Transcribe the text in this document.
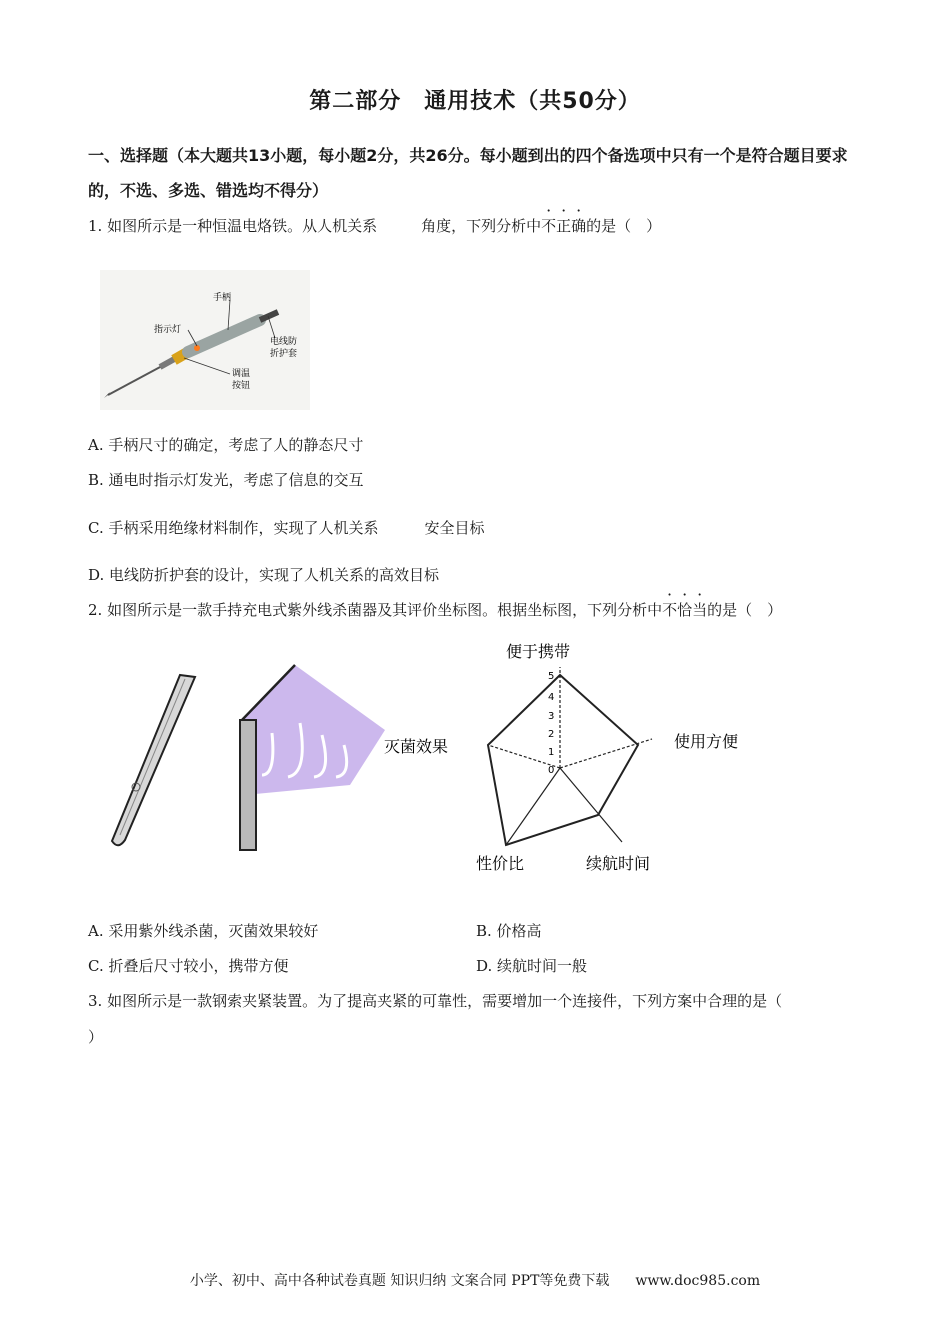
第二部分　通用技术（共50分）
一、选择题（本大题共13小题，每小题2分，共26分。每小题到出的四个备选项中只有一个是符合题目要求的，不选、多选、错选均不得分）
1. 如图所示是一种恒温电烙铁。从人机关系	角度，下列分析中不正确的是（　）
手柄
指示灯
电线防
折护套
调温
按钮
A. 手柄尺寸的确定，考虑了人的静态尺寸
B. 通电时指示灯发光，考虑了信息的交互
C. 手柄采用绝缘材料制作，实现了人机关系	安全目标
D. 电线防折护套的设计，实现了人机关系的高效目标
2. 如图所示是一款手持充电式紫外线杀菌器及其评价坐标图。根据坐标图，下列分析中不恰当的是（　）
5
4
3
2
1
0
便于携带
使用方便
续航时间
性价比
灭菌效果
A. 采用紫外线杀菌，灭菌效果较好	B. 价格高
C. 折叠后尺寸较小，携带方便	D. 续航时间一般
3. 如图所示是一款钢索夹紧装置。为了提高夹紧的可靠性，需要增加一个连接件，下列方案中合理的是（
）
小学、初中、高中各种试卷真题 知识归纳 文案合同 PPT等免费下载 www.doc985.com
